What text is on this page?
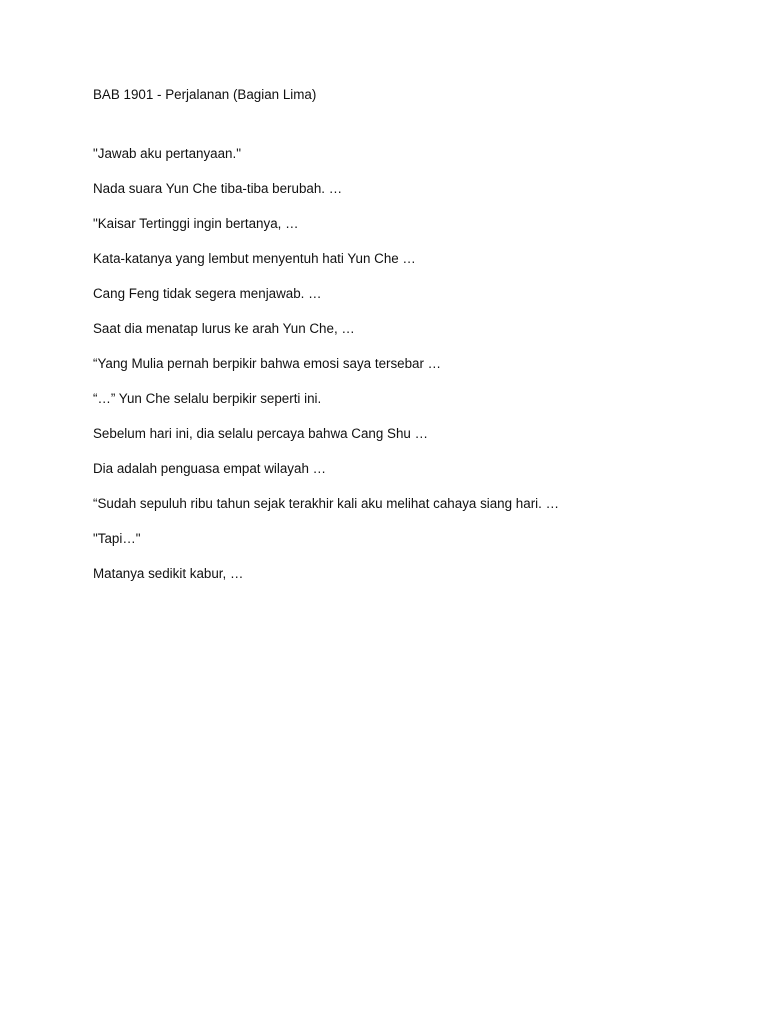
BAB 1901 - Perjalanan (Bagian Lima)

"Jawab aku pertanyaan."

Nada suara Yun Che tiba-tiba berubah. …

"Kaisar Tertinggi ingin bertanya, …

Kata-katanya yang lembut menyentuh hati Yun Che …

Cang Feng tidak segera menjawab. …

Saat dia menatap lurus ke arah Yun Che, …

“Yang Mulia pernah berpikir bahwa emosi saya tersebar …

“…” Yun Che selalu berpikir seperti ini.

Sebelum hari ini, dia selalu percaya bahwa Cang Shu …

Dia adalah penguasa empat wilayah …

“Sudah sepuluh ribu tahun sejak terakhir kali aku melihat cahaya siang hari. …

"Tapi…"

Matanya sedikit kabur, …
